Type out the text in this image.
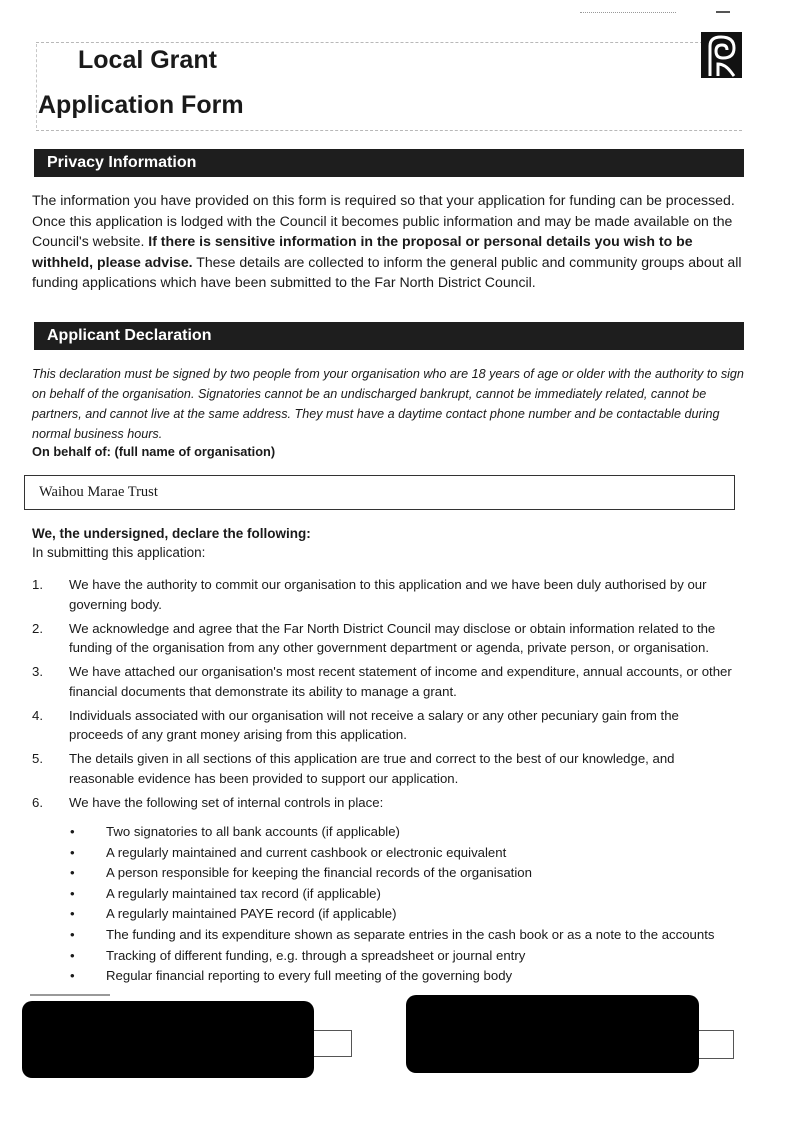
Local Grant
Application Form
Privacy Information
The information you have provided on this form is required so that your application for funding can be processed. Once this application is lodged with the Council it becomes public information and may be made available on the Council's website. If there is sensitive information in the proposal or personal details you wish to be withheld, please advise. These details are collected to inform the general public and community groups about all funding applications which have been submitted to the Far North District Council.
Applicant Declaration
This declaration must be signed by two people from your organisation who are 18 years of age or older with the authority to sign on behalf of the organisation. Signatories cannot be an undischarged bankrupt, cannot be immediately related, cannot be partners, and cannot live at the same address. They must have a daytime contact phone number and be contactable during normal business hours.
On behalf of: (full name of organisation)
Waihou Marae Trust
We, the undersigned, declare the following:
In submitting this application:
1. We have the authority to commit our organisation to this application and we have been duly authorised by our governing body.
2. We acknowledge and agree that the Far North District Council may disclose or obtain information related to the funding of the organisation from any other government department or agenda, private person, or organisation.
3. We have attached our organisation's most recent statement of income and expenditure, annual accounts, or other financial documents that demonstrate its ability to manage a grant.
4. Individuals associated with our organisation will not receive a salary or any other pecuniary gain from the proceeds of any grant money arising from this application.
5. The details given in all sections of this application are true and correct to the best of our knowledge, and reasonable evidence has been provided to support our application.
6. We have the following set of internal controls in place:
• Two signatories to all bank accounts (if applicable)
• A regularly maintained and current cashbook or electronic equivalent
• A person responsible for keeping the financial records of the organisation
• A regularly maintained tax record (if applicable)
• A regularly maintained PAYE record (if applicable)
• The funding and its expenditure shown as separate entries in the cash book or as a note to the accounts
• Tracking of different funding, e.g. through a spreadsheet or journal entry
• Regular financial reporting to every full meeting of the governing body
